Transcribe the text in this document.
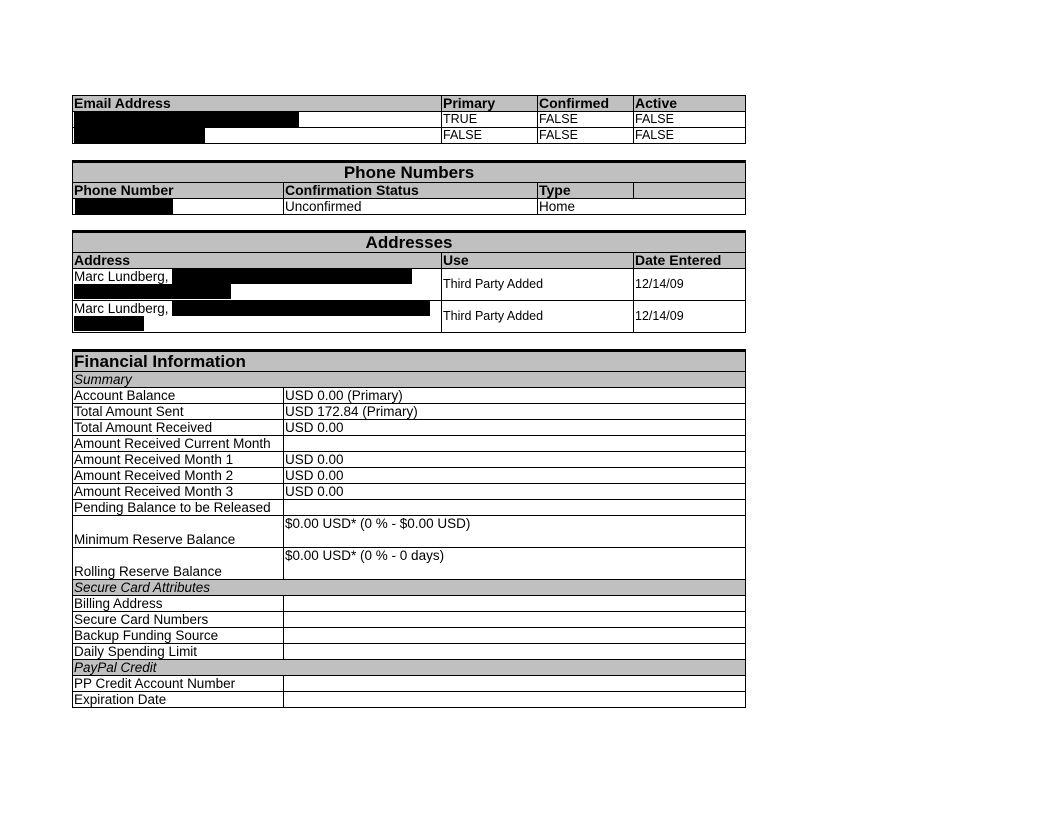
Email Address	Primary	Confirmed	Active
	TRUE	FALSE	FALSE
	FALSE	FALSE	FALSE
Phone Numbers			
Phone Number	Confirmation Status	Type	
	Unconfirmed	Home	
Addresses		
Address	Use	Date Entered
Marc Lundberg,	Third Party Added	12/14/09
Marc Lundberg,	Third Party Added	12/14/09
Financial Information	
Summary	
Account Balance	USD 0.00 (Primary)
Total Amount Sent	USD 172.84 (Primary)
Total Amount Received	USD 0.00
Amount Received Current Month	
Amount Received Month 1	USD 0.00
Amount Received Month 2	USD 0.00
Amount Received Month 3	USD 0.00
Pending Balance to be Released	
Minimum Reserve Balance	$0.00 USD* (0 % - $0.00 USD)
Rolling Reserve Balance	$0.00 USD* (0 % - 0 days)
Secure Card Attributes	
Billing Address	
Secure Card Numbers	
Backup Funding Source	
Daily Spending Limit	
PayPal Credit	
PP Credit Account Number	
Expiration Date	
